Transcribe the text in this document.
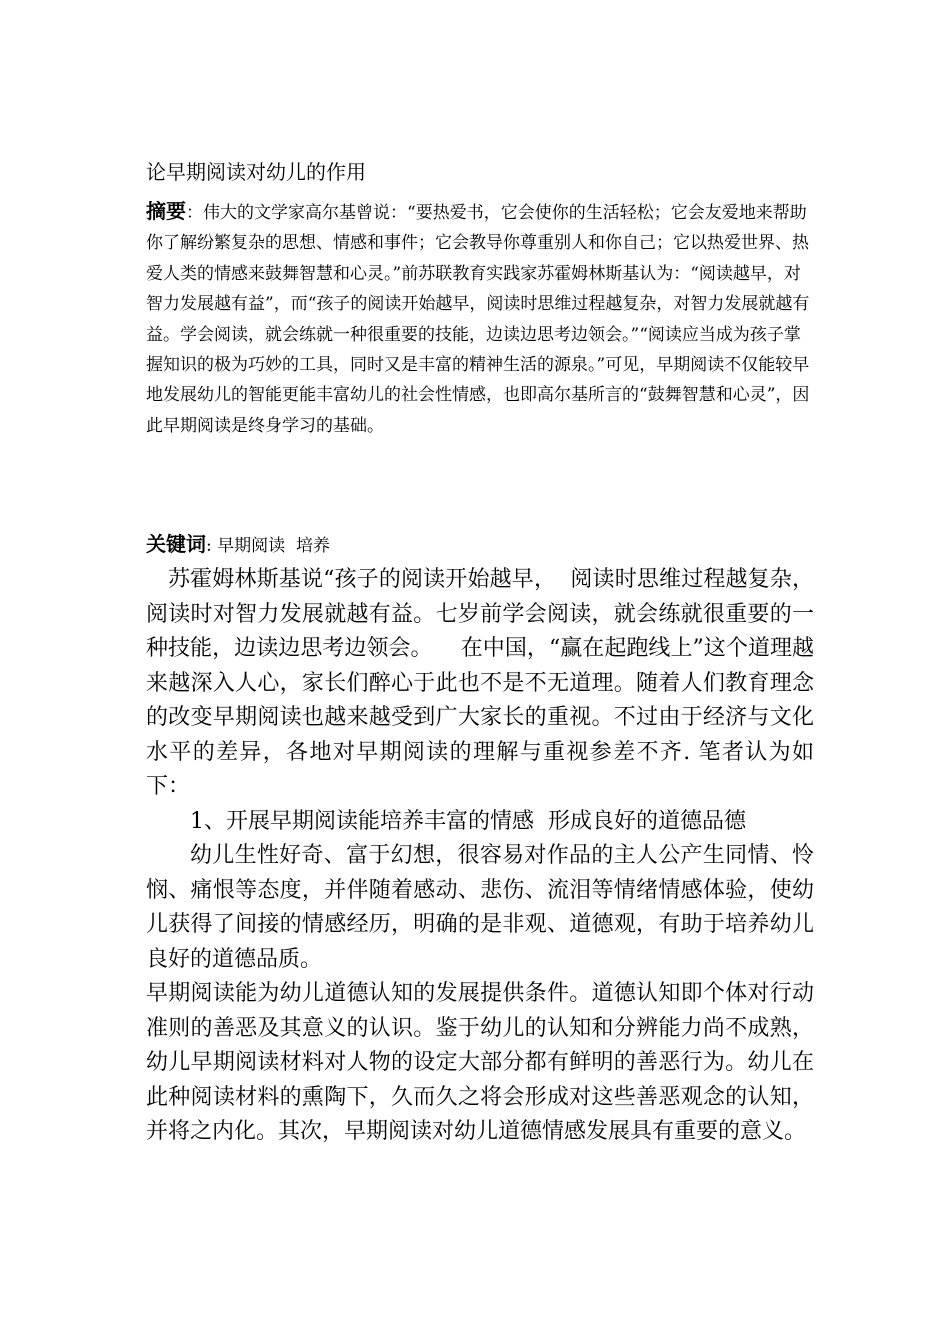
论早期阅读对幼儿的作用
摘要：伟大的文学家高尔基曾说：“要热爱书，它会使你的生活轻松；它会友爱地来帮助你了解纷繁复杂的思想、情感和事件；它会教导你尊重别人和你自己；它以热爱世界、热爱人类的情感来鼓舞智慧和心灵。”前苏联教育实践家苏霍姆林斯基认为：“阅读越早，对智力发展越有益”，而“孩子的阅读开始越早，阅读时思维过程越复杂，对智力发展就越有益。学会阅读，就会练就一种很重要的技能，边读边思考边领会。”“阅读应当成为孩子掌握知识的极为巧妙的工具，同时又是丰富的精神生活的源泉。”可见，早期阅读不仅能较早地发展幼儿的智能更能丰富幼儿的社会性情感，也即高尔基所言的“鼓舞智慧和心灵”，因此早期阅读是终身学习的基础。
关键词: 早期阅读  培养

苏霍姆林斯基说“孩子的阅读开始越早，  阅读时思维过程越复杂，阅读时对智力发展就越有益。七岁前学会阅读，就会练就很重要的一种技能，边读边思考边领会。    在中国，“赢在起跑线上”这个道理越来越深入人心，家长们醉心于此也不是不无道理。随着人们教育理念的改变早期阅读也越来越受到广大家长的重视。不过由于经济与文化水平的差异，各地对早期阅读的理解与重视参差不齐. 笔者认为如下：

1、开展早期阅读能培养丰富的情感  形成良好的道德品德

幼儿生性好奇、富于幻想，很容易对作品的主人公产生同情、怜悯、痛恨等态度，并伴随着感动、悲伤、流泪等情绪情感体验，使幼儿获得了间接的情感经历，明确的是非观、道德观，有助于培养幼儿良好的道德品质。

早期阅读能为幼儿道德认知的发展提供条件。道德认知即个体对行动准则的善恶及其意义的认识。鉴于幼儿的认知和分辨能力尚不成熟，幼儿早期阅读材料对人物的设定大部分都有鲜明的善恶行为。幼儿在此种阅读材料的熏陶下，久而久之将会形成对这些善恶观念的认知，并将之内化。其次，早期阅读对幼儿道德情感发展具有重要的意义。
